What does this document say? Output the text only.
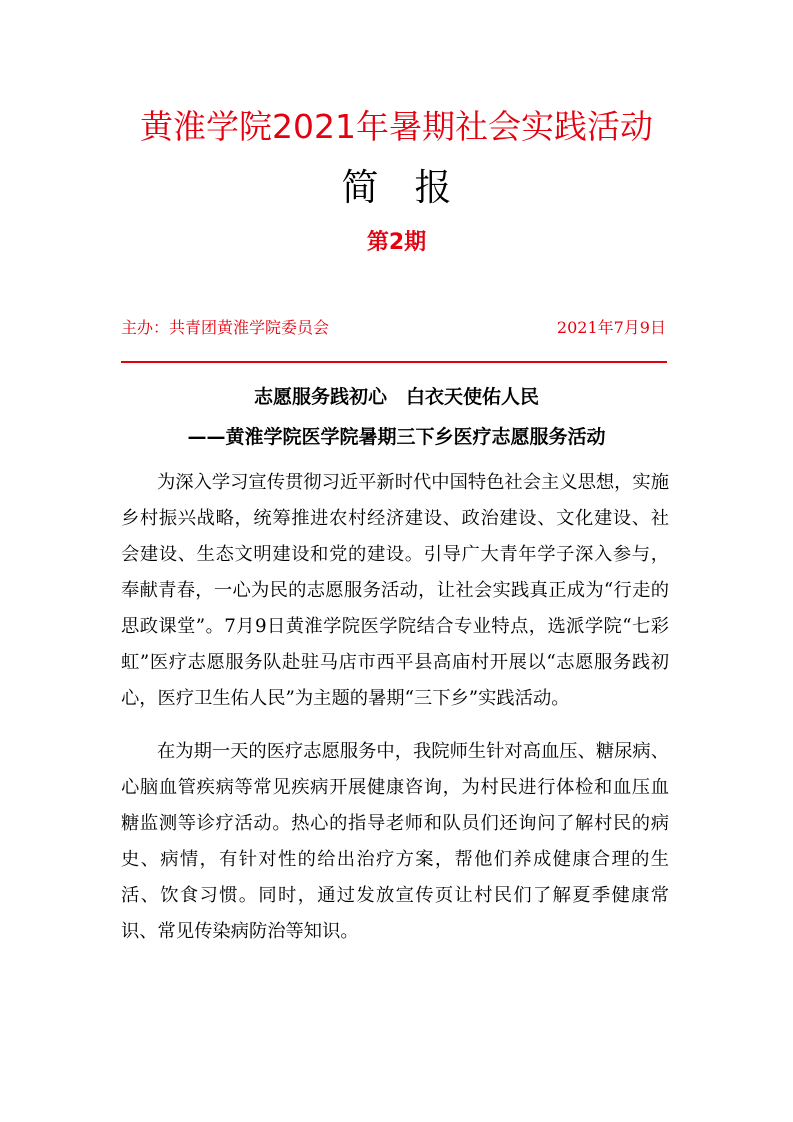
黄淮学院2021年暑期社会实践活动
简报
第2期
主办：共青团黄淮学院委员会	2021年7月9日
志愿服务践初心　白衣天使佑人民
——黄淮学院医学院暑期三下乡医疗志愿服务活动

为深入学习宣传贯彻习近平新时代中国特色社会主义思想，实施乡村振兴战略，统筹推进农村经济建设、政治建设、文化建设、社会建设、生态文明建设和党的建设。引导广大青年学子深入参与，奉献青春，一心为民的志愿服务活动，让社会实践真正成为“行走的思政课堂”。7月9日黄淮学院医学院结合专业特点，选派学院“七彩虹”医疗志愿服务队赴驻马店市西平县高庙村开展以“志愿服务践初心，医疗卫生佑人民”为主题的暑期“三下乡”实践活动。

在为期一天的医疗志愿服务中，我院师生针对高血压、糖尿病、心脑血管疾病等常见疾病开展健康咨询，为村民进行体检和血压血糖监测等诊疗活动。热心的指导老师和队员们还询问了解村民的病史、病情，有针对性的给出治疗方案，帮他们养成健康合理的生活、饮食习惯。同时，通过发放宣传页让村民们了解夏季健康常识、常见传染病防治等知识。
